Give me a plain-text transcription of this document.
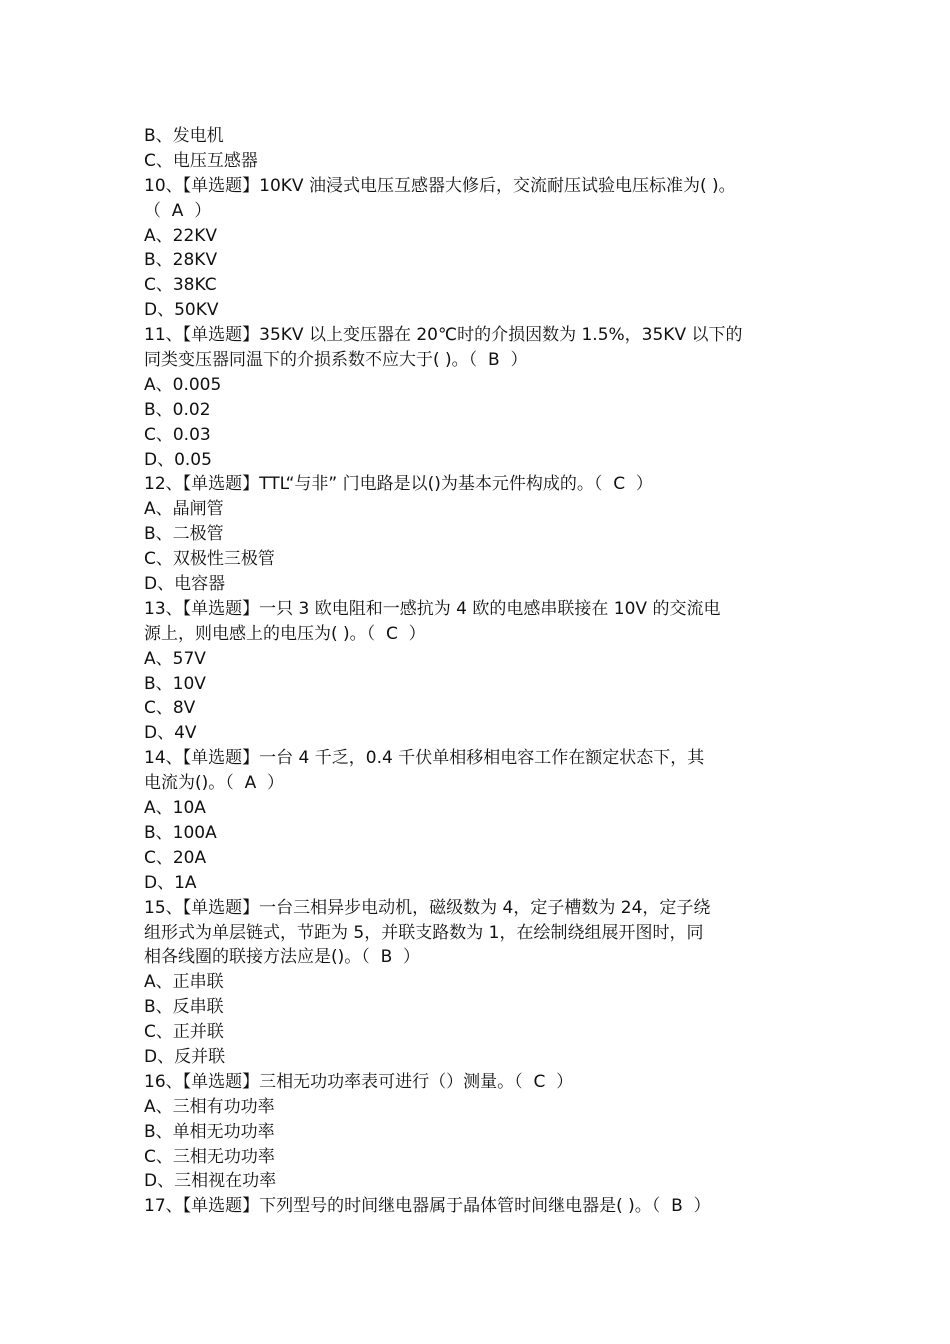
B、发电机
C、电压互感器
10、【单选题】10KV 油浸式电压互感器大修后，交流耐压试验电压标准为( )。
（  A  ）
A、22KV
B、28KV
C、38KC
D、50KV
11、【单选题】35KV 以上变压器在 20℃时的介损因数为 1.5%，35KV 以下的
同类变压器同温下的介损系数不应大于( )。（  B  ）
A、0.005
B、0.02
C、0.03
D、0.05
12、【单选题】TTL“与非” 门电路是以()为基本元件构成的。（  C  ）
A、晶闸管
B、二极管
C、双极性三极管
D、电容器
13、【单选题】一只 3 欧电阻和一感抗为 4 欧的电感串联接在 10V 的交流电
源上，则电感上的电压为( )。（  C  ）
A、57V
B、10V
C、8V
D、4V
14、【单选题】一台 4 千乏，0.4 千伏单相移相电容工作在额定状态下，其
电流为()。（  A  ）
A、10A
B、100A
C、20A
D、1A
15、【单选题】一台三相异步电动机，磁级数为 4，定子槽数为 24，定子绕
组形式为单层链式，节距为 5，并联支路数为 1，在绘制绕组展开图时，同
相各线圈的联接方法应是()。（  B  ）
A、正串联
B、反串联
C、正并联
D、反并联
16、【单选题】三相无功功率表可进行（）测量。（  C  ）
A、三相有功功率
B、单相无功功率
C、三相无功功率
D、三相视在功率
17、【单选题】下列型号的时间继电器属于晶体管时间继电器是( )。（  B  ）
